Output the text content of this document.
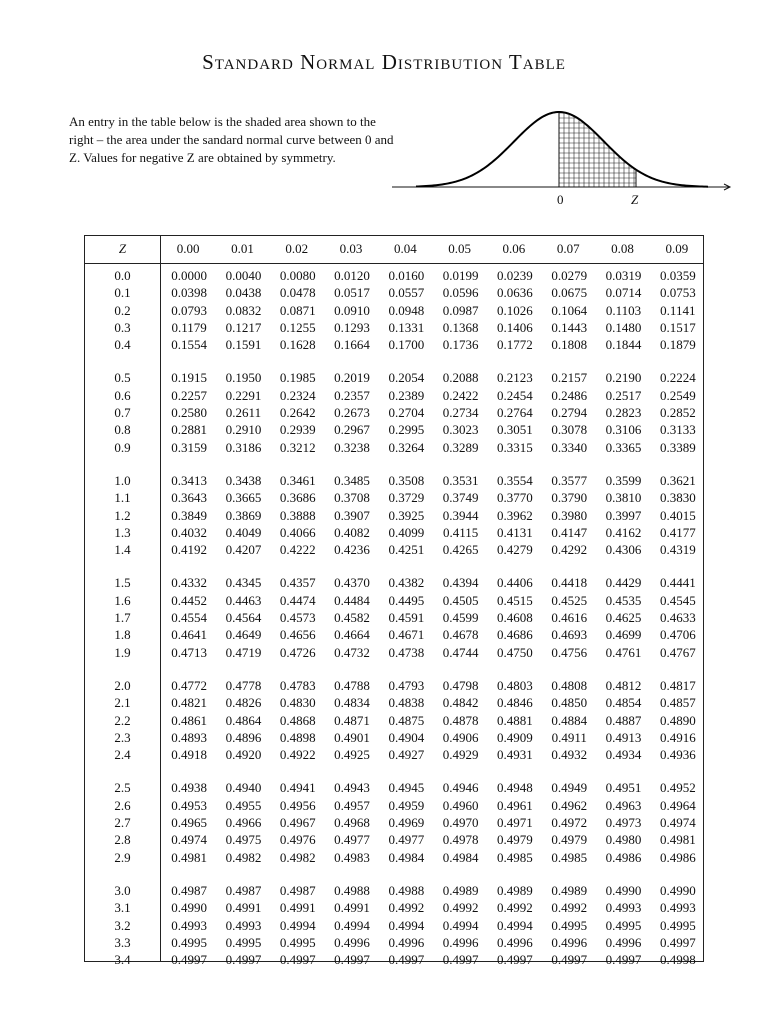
Standard Normal Distribution Table
An entry in the table below is the shaded area shown to the right – the area under the sandard normal curve between 0 and Z. Values for negative Z are obtained by symmetry.
0	Z
Z	0.00	0.01	0.02	0.03	0.04	0.05	0.06	0.07	0.08	0.09
0.0	0.0000	0.0040	0.0080	0.0120	0.0160	0.0199	0.0239	0.0279	0.0319	0.0359
0.1	0.0398	0.0438	0.0478	0.0517	0.0557	0.0596	0.0636	0.0675	0.0714	0.0753
0.2	0.0793	0.0832	0.0871	0.0910	0.0948	0.0987	0.1026	0.1064	0.1103	0.1141
0.3	0.1179	0.1217	0.1255	0.1293	0.1331	0.1368	0.1406	0.1443	0.1480	0.1517
0.4	0.1554	0.1591	0.1628	0.1664	0.1700	0.1736	0.1772	0.1808	0.1844	0.1879
0.5	0.1915	0.1950	0.1985	0.2019	0.2054	0.2088	0.2123	0.2157	0.2190	0.2224
0.6	0.2257	0.2291	0.2324	0.2357	0.2389	0.2422	0.2454	0.2486	0.2517	0.2549
0.7	0.2580	0.2611	0.2642	0.2673	0.2704	0.2734	0.2764	0.2794	0.2823	0.2852
0.8	0.2881	0.2910	0.2939	0.2967	0.2995	0.3023	0.3051	0.3078	0.3106	0.3133
0.9	0.3159	0.3186	0.3212	0.3238	0.3264	0.3289	0.3315	0.3340	0.3365	0.3389
1.0	0.3413	0.3438	0.3461	0.3485	0.3508	0.3531	0.3554	0.3577	0.3599	0.3621
1.1	0.3643	0.3665	0.3686	0.3708	0.3729	0.3749	0.3770	0.3790	0.3810	0.3830
1.2	0.3849	0.3869	0.3888	0.3907	0.3925	0.3944	0.3962	0.3980	0.3997	0.4015
1.3	0.4032	0.4049	0.4066	0.4082	0.4099	0.4115	0.4131	0.4147	0.4162	0.4177
1.4	0.4192	0.4207	0.4222	0.4236	0.4251	0.4265	0.4279	0.4292	0.4306	0.4319
1.5	0.4332	0.4345	0.4357	0.4370	0.4382	0.4394	0.4406	0.4418	0.4429	0.4441
1.6	0.4452	0.4463	0.4474	0.4484	0.4495	0.4505	0.4515	0.4525	0.4535	0.4545
1.7	0.4554	0.4564	0.4573	0.4582	0.4591	0.4599	0.4608	0.4616	0.4625	0.4633
1.8	0.4641	0.4649	0.4656	0.4664	0.4671	0.4678	0.4686	0.4693	0.4699	0.4706
1.9	0.4713	0.4719	0.4726	0.4732	0.4738	0.4744	0.4750	0.4756	0.4761	0.4767
2.0	0.4772	0.4778	0.4783	0.4788	0.4793	0.4798	0.4803	0.4808	0.4812	0.4817
2.1	0.4821	0.4826	0.4830	0.4834	0.4838	0.4842	0.4846	0.4850	0.4854	0.4857
2.2	0.4861	0.4864	0.4868	0.4871	0.4875	0.4878	0.4881	0.4884	0.4887	0.4890
2.3	0.4893	0.4896	0.4898	0.4901	0.4904	0.4906	0.4909	0.4911	0.4913	0.4916
2.4	0.4918	0.4920	0.4922	0.4925	0.4927	0.4929	0.4931	0.4932	0.4934	0.4936
2.5	0.4938	0.4940	0.4941	0.4943	0.4945	0.4946	0.4948	0.4949	0.4951	0.4952
2.6	0.4953	0.4955	0.4956	0.4957	0.4959	0.4960	0.4961	0.4962	0.4963	0.4964
2.7	0.4965	0.4966	0.4967	0.4968	0.4969	0.4970	0.4971	0.4972	0.4973	0.4974
2.8	0.4974	0.4975	0.4976	0.4977	0.4977	0.4978	0.4979	0.4979	0.4980	0.4981
2.9	0.4981	0.4982	0.4982	0.4983	0.4984	0.4984	0.4985	0.4985	0.4986	0.4986
3.0	0.4987	0.4987	0.4987	0.4988	0.4988	0.4989	0.4989	0.4989	0.4990	0.4990
3.1	0.4990	0.4991	0.4991	0.4991	0.4992	0.4992	0.4992	0.4992	0.4993	0.4993
3.2	0.4993	0.4993	0.4994	0.4994	0.4994	0.4994	0.4994	0.4995	0.4995	0.4995
3.3	0.4995	0.4995	0.4995	0.4996	0.4996	0.4996	0.4996	0.4996	0.4996	0.4997
3.4	0.4997	0.4997	0.4997	0.4997	0.4997	0.4997	0.4997	0.4997	0.4997	0.4998
